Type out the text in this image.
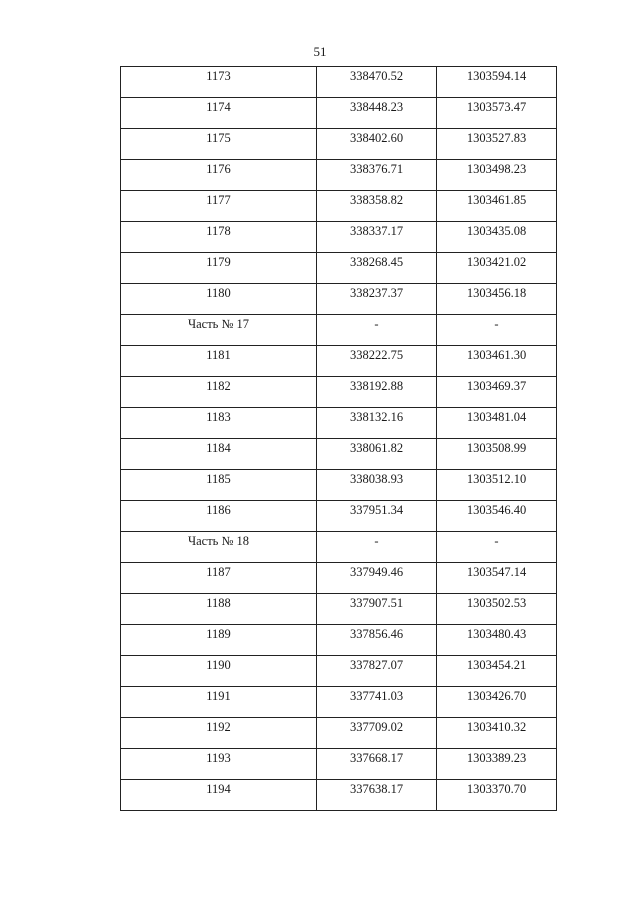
51
1173	338470.52	1303594.14

1174	338448.23	1303573.47

1175	338402.60	1303527.83

1176	338376.71	1303498.23

1177	338358.82	1303461.85

1178	338337.17	1303435.08

1179	338268.45	1303421.02

1180	338237.37	1303456.18

Часть № 17	-	-

1181	338222.75	1303461.30

1182	338192.88	1303469.37

1183	338132.16	1303481.04

1184	338061.82	1303508.99

1185	338038.93	1303512.10

1186	337951.34	1303546.40

Часть № 18	-	-

1187	337949.46	1303547.14

1188	337907.51	1303502.53

1189	337856.46	1303480.43

1190	337827.07	1303454.21

1191	337741.03	1303426.70

1192	337709.02	1303410.32

1193	337668.17	1303389.23

1194	337638.17	1303370.70
